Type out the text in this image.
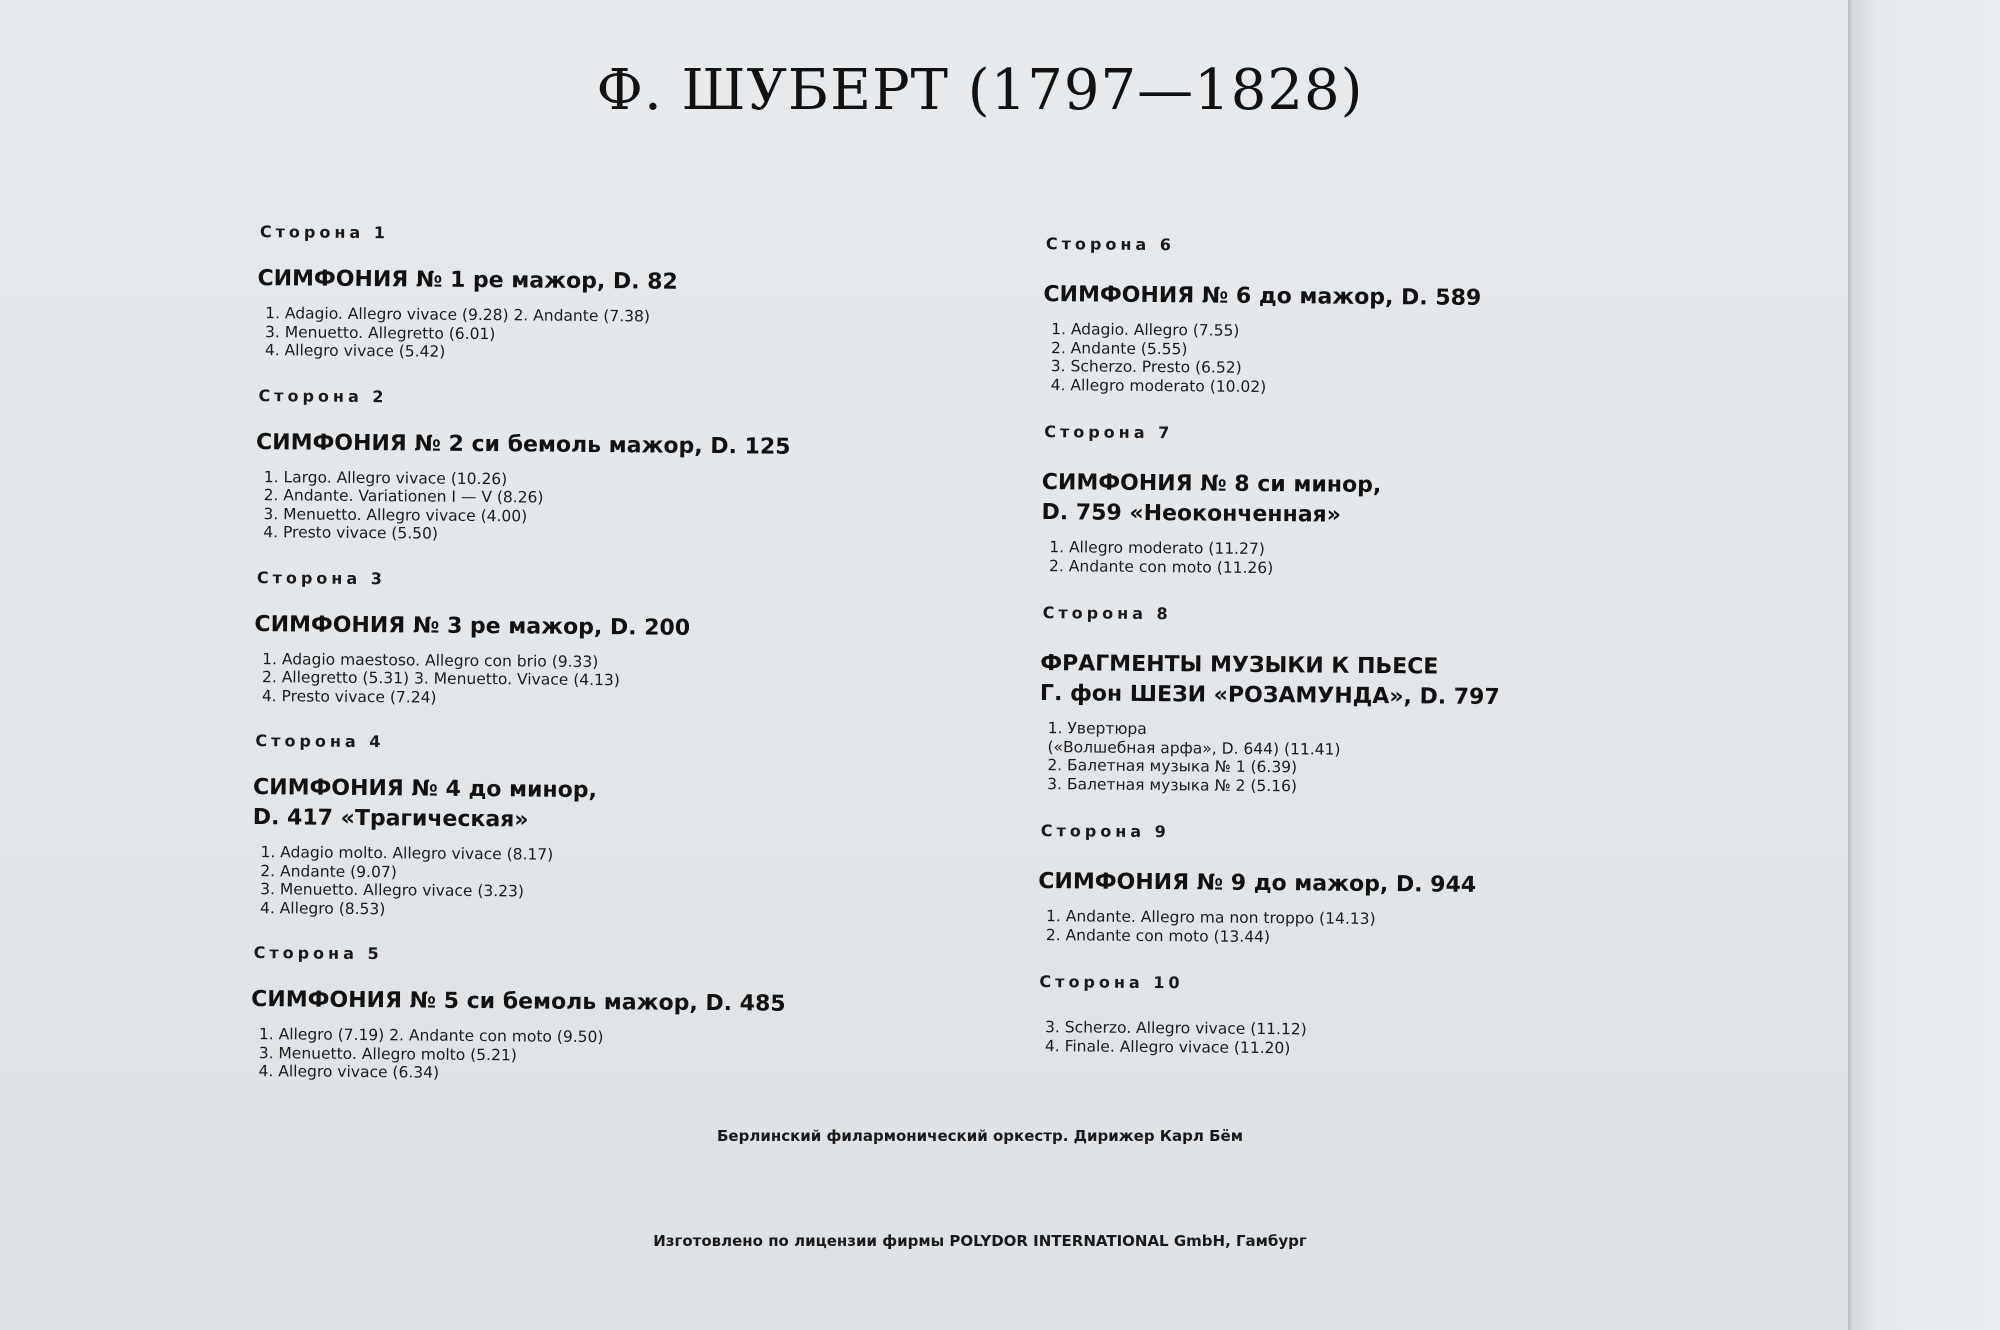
Ф. ШУБЕРТ (1797—1828)
Сторона 1
СИМФОНИЯ № 1 ре мажор, D. 82
1. Adagio. Allegro vivace (9.28) 2. Andante (7.38)
3. Menuetto. Allegretto (6.01)
4. Allegro vivace (5.42)
Сторона 2
СИМФОНИЯ № 2 си бемоль мажор, D. 125
1. Largo. Allegro vivace (10.26)
2. Andante. Variationen I — V (8.26)
3. Menuetto. Allegro vivace (4.00)
4. Presto vivace (5.50)
Сторона 3
СИМФОНИЯ № 3 ре мажор, D. 200
1. Adagio maestoso. Allegro con brio (9.33)
2. Allegretto (5.31) 3. Menuetto. Vivace (4.13)
4. Presto vivace (7.24)
Сторона 4
СИМФОНИЯ № 4 до минор,
D. 417 «Трагическая»
1. Adagio molto. Allegro vivace (8.17)
2. Andante (9.07)
3. Menuetto. Allegro vivace (3.23)
4. Allegro (8.53)
Сторона 5
СИМФОНИЯ № 5 си бемоль мажор, D. 485
1. Allegro (7.19) 2. Andante con moto (9.50)
3. Menuetto. Allegro molto (5.21)
4. Allegro vivace (6.34)
Сторона 6
СИМФОНИЯ № 6 до мажор, D. 589
1. Adagio. Allegro (7.55)
2. Andante (5.55)
3. Scherzo. Presto (6.52)
4. Allegro moderato (10.02)
Сторона 7
СИМФОНИЯ № 8 си минор,
D. 759 «Неоконченная»
1. Allegro moderato (11.27)
2. Andante con moto (11.26)
Сторона 8
ФРАГМЕНТЫ МУЗЫКИ К ПЬЕСЕ
Г. фон ШЕЗИ «РОЗАМУНДА», D. 797
1. Увертюра
(«Волшебная арфа», D. 644) (11.41)
2. Балетная музыка № 1 (6.39)
3. Балетная музыка № 2 (5.16)
Сторона 9
СИМФОНИЯ № 9 до мажор, D. 944
1. Andante. Allegro ma non troppo (14.13)
2. Andante con moto (13.44)
Сторона 10
3. Scherzo. Allegro vivace (11.12)
4. Finale. Allegro vivace (11.20)

Берлинский филармонический оркестр. Дирижер Карл Бём

Изготовлено по лицензии фирмы POLYDOR INTERNATIONAL GmbH, Гамбург
